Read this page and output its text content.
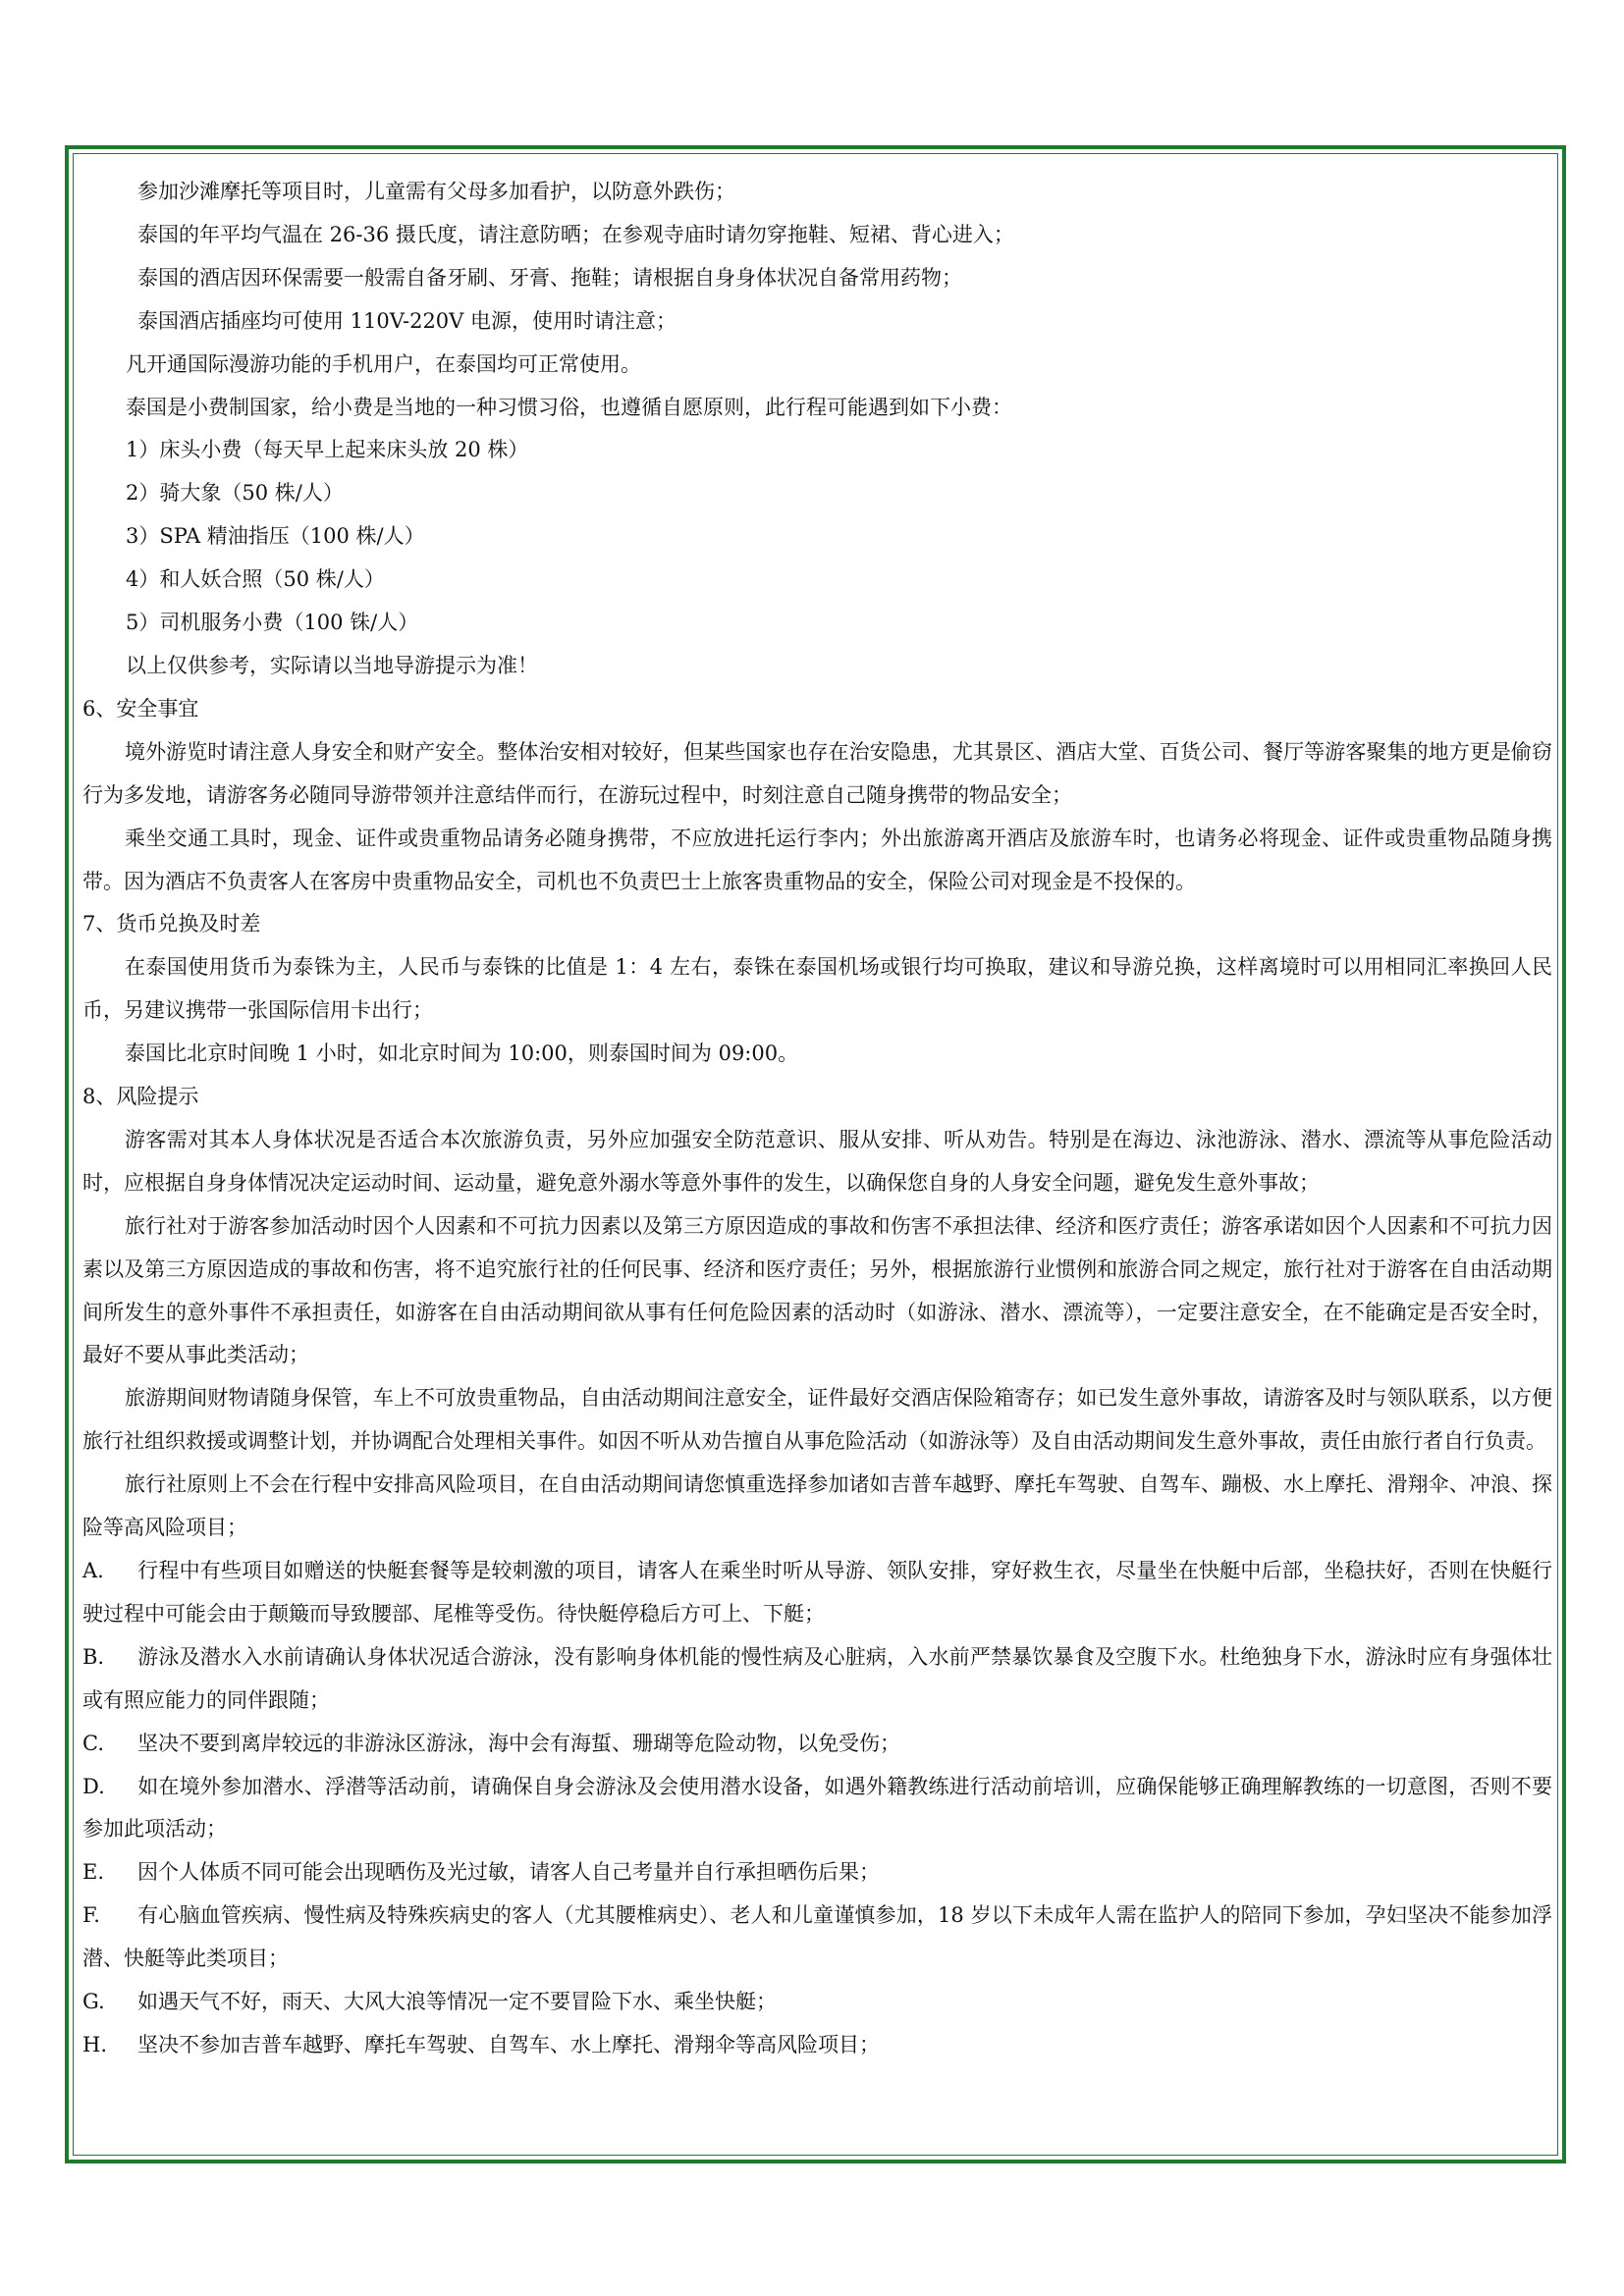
参加沙滩摩托等项目时，儿童需有父母多加看护，以防意外跌伤；

泰国的年平均气温在 26-36 摄氏度，请注意防晒；在参观寺庙时请勿穿拖鞋、短裙、背心进入；

泰国的酒店因环保需要一般需自备牙刷、牙膏、拖鞋；请根据自身身体状况自备常用药物；

泰国酒店插座均可使用 110V-220V 电源，使用时请注意；

凡开通国际漫游功能的手机用户，在泰国均可正常使用。

泰国是小费制国家，给小费是当地的一种习惯习俗，也遵循自愿原则，此行程可能遇到如下小费：

1）床头小费（每天早上起来床头放 20 株）

2）骑大象（50 株/人）

3）SPA 精油指压（100 株/人）

4）和人妖合照（50 株/人）

5）司机服务小费（100 铢/人）

以上仅供参考，实际请以当地导游提示为准！

6、安全事宜

境外游览时请注意人身安全和财产安全。整体治安相对较好，但某些国家也存在治安隐患，尤其景区、酒店大堂、百货公司、餐厅等游客聚集的地方更是偷窃行为多发地，请游客务必随同导游带领并注意结伴而行，在游玩过程中，时刻注意自己随身携带的物品安全；

乘坐交通工具时，现金、证件或贵重物品请务必随身携带，不应放进托运行李内；外出旅游离开酒店及旅游车时，也请务必将现金、证件或贵重物品随身携带。因为酒店不负责客人在客房中贵重物品安全，司机也不负责巴士上旅客贵重物品的安全，保险公司对现金是不投保的。

7、货币兑换及时差

在泰国使用货币为泰铢为主，人民币与泰铢的比值是 1：4 左右，泰铢在泰国机场或银行均可换取，建议和导游兑换，这样离境时可以用相同汇率换回人民币，另建议携带一张国际信用卡出行；

泰国比北京时间晚 1 小时，如北京时间为 10:00，则泰国时间为 09:00。

8、风险提示

游客需对其本人身体状况是否适合本次旅游负责，另外应加强安全防范意识、服从安排、听从劝告。特别是在海边、泳池游泳、潜水、漂流等从事危险活动时，应根据自身身体情况决定运动时间、运动量，避免意外溺水等意外事件的发生，以确保您自身的人身安全问题，避免发生意外事故；

旅行社对于游客参加活动时因个人因素和不可抗力因素以及第三方原因造成的事故和伤害不承担法律、经济和医疗责任；游客承诺如因个人因素和不可抗力因素以及第三方原因造成的事故和伤害，将不追究旅行社的任何民事、经济和医疗责任；另外，根据旅游行业惯例和旅游合同之规定，旅行社对于游客在自由活动期间所发生的意外事件不承担责任，如游客在自由活动期间欲从事有任何危险因素的活动时（如游泳、潜水、漂流等），一定要注意安全，在不能确定是否安全时，最好不要从事此类活动；

旅游期间财物请随身保管，车上不可放贵重物品，自由活动期间注意安全，证件最好交酒店保险箱寄存；如已发生意外事故，请游客及时与领队联系，以方便旅行社组织救援或调整计划，并协调配合处理相关事件。如因不听从劝告擅自从事危险活动（如游泳等）及自由活动期间发生意外事故，责任由旅行者自行负责。

旅行社原则上不会在行程中安排高风险项目，在自由活动期间请您慎重选择参加诸如吉普车越野、摩托车驾驶、自驾车、蹦极、水上摩托、滑翔伞、冲浪、探险等高风险项目；

A. 行程中有些项目如赠送的快艇套餐等是较刺激的项目，请客人在乘坐时听从导游、领队安排，穿好救生衣，尽量坐在快艇中后部，坐稳扶好，否则在快艇行驶过程中可能会由于颠簸而导致腰部、尾椎等受伤。待快艇停稳后方可上、下艇；

B. 游泳及潜水入水前请确认身体状况适合游泳，没有影响身体机能的慢性病及心脏病，入水前严禁暴饮暴食及空腹下水。杜绝独身下水，游泳时应有身强体壮或有照应能力的同伴跟随；

C. 坚决不要到离岸较远的非游泳区游泳，海中会有海蜇、珊瑚等危险动物，以免受伤；

D. 如在境外参加潜水、浮潜等活动前，请确保自身会游泳及会使用潜水设备，如遇外籍教练进行活动前培训，应确保能够正确理解教练的一切意图，否则不要参加此项活动；

E. 因个人体质不同可能会出现晒伤及光过敏，请客人自己考量并自行承担晒伤后果；

F. 有心脑血管疾病、慢性病及特殊疾病史的客人（尤其腰椎病史）、老人和儿童谨慎参加，18 岁以下未成年人需在监护人的陪同下参加，孕妇坚决不能参加浮潜、快艇等此类项目；

G. 如遇天气不好，雨天、大风大浪等情况一定不要冒险下水、乘坐快艇；

H. 坚决不参加吉普车越野、摩托车驾驶、自驾车、水上摩托、滑翔伞等高风险项目；
